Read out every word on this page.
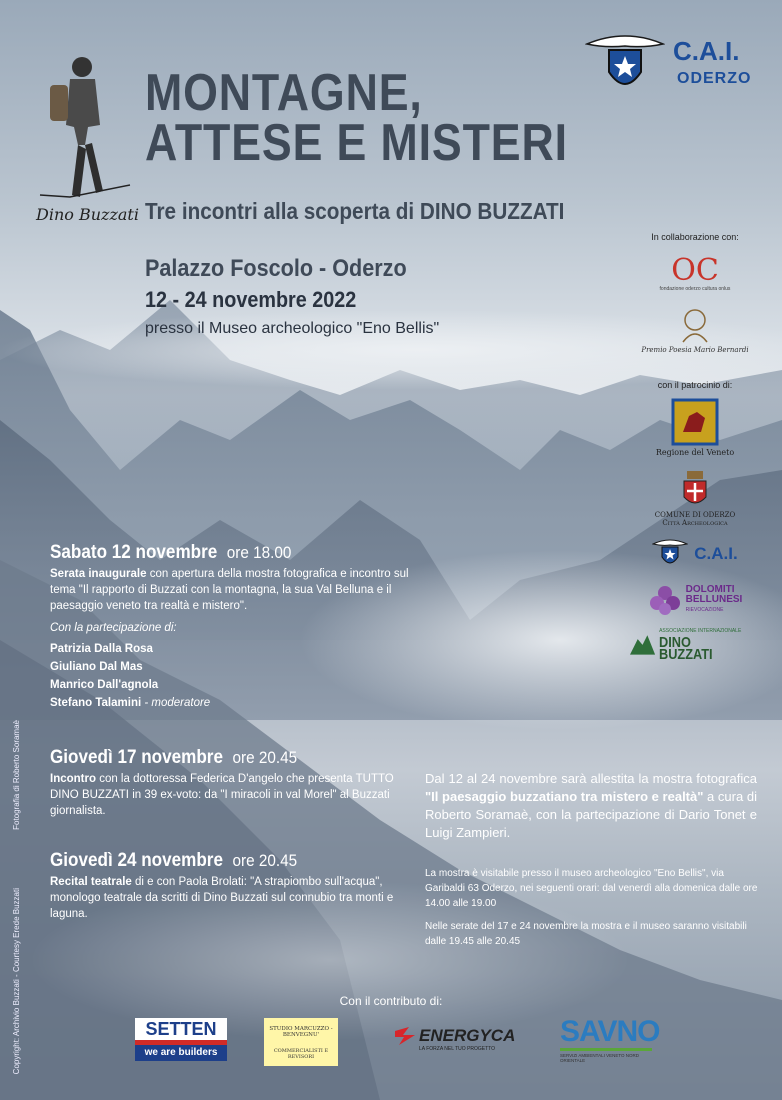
Dino Buzzati
MONTAGNE,
ATTESE E MISTERI
Tre incontri alla scoperta di DINO BUZZATI
Palazzo Foscolo - Oderzo
12 - 24 novembre 2022
presso il Museo archeologico "Eno Bellis"
C.A.I.
ODERZO
In collaborazione con:
OC
fondazione oderzo cultura onlus
Premio Poesia Mario Bernardi
con il patrocinio di:
Regione del Veneto
COMUNE DI ODERZO
Città Archeologica
C.A.I.
DOLOMITI
BELLUNESI
RIEVOCAZIONE
ASSOCIAZIONE INTERNAZIONALE
DINO BUZZATI
Sabato 12 novembre ore 18.00
Serata inaugurale con apertura della mostra fotografica e incontro sul tema "Il rapporto di Buzzati con la montagna, la sua Val Belluna e il paesaggio veneto tra realtà e mistero".
Con la partecipazione di:
Patrizia Dalla Rosa
Giuliano Dal Mas
Manrico Dall'agnola
Stefano Talamini - moderatore
Giovedì 17 novembre ore 20.45
Incontro con la dottoressa Federica D'angelo che presenta TUTTO DINO BUZZATI in 39 ex-voto: da "I miracoli in val Morel" al Buzzati giornalista.
Giovedì 24 novembre ore 20.45
Recital teatrale di e con Paola Brolati: "A strapiombo sull'acqua", monologo teatrale da scritti di Dino Buzzati sul connubio tra monti e laguna.
Dal 12 al 24 novembre sarà allestita la mostra fotografica "Il paesaggio buzzatiano tra mistero e realtà" a cura di Roberto Soramaè, con la partecipazione di Dario Tonet e Luigi Zampieri.

La mostra è visitabile presso il museo archeologico "Eno Bellis", via Garibaldi 63 Oderzo, nei seguenti orari: dal venerdì alla domenica dalle ore 14.00 alle 19.00

Nelle serate del 17 e 24 novembre la mostra e il museo saranno visitabili dalle 19.45 alle 20.45

Fotografia di Roberto Soramaè
Copyright: Archivio Buzzati - Courtesy Erede Buzzati	Con il contributo di:
SETTEN
we are builders
STUDIO MARCUZZO - BENVEGNU'
COMMERCIALISTI E REVISORI
ENERGYCA
LA FORZA NEL TUO PROGETTO
SAVNO
SERVIZI AMBIENTALI VENETO NORD ORIENTALE
